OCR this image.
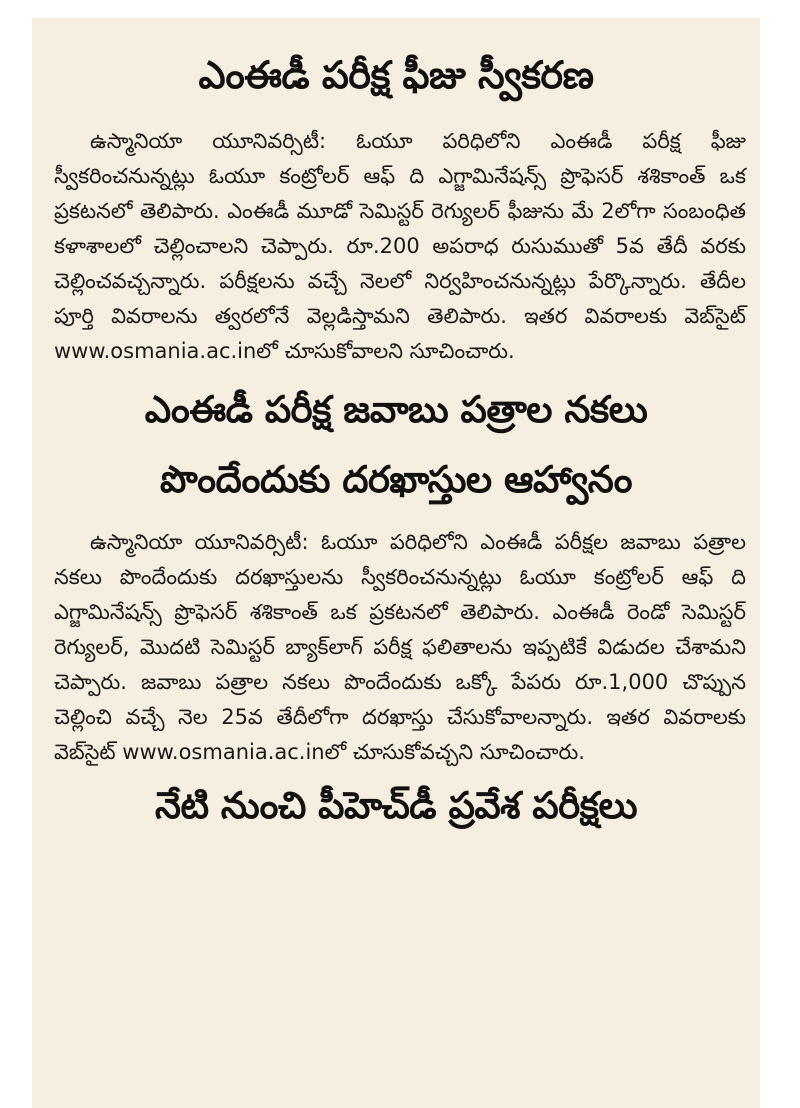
ఎంఈడీ పరీక్ష ఫీజు స్వీకరణ

ఉస్మానియా యూనివర్సిటీ: ఓయూ పరిధిలోని ఎంఈడీ పరీక్ష ఫీజు స్వీకరించనున్నట్లు ఓయూ కంట్రోలర్ ఆఫ్ ది ఎగ్జామినేషన్స్ ప్రొఫెసర్ శశికాంత్ ఒక ప్రకటనలో తెలిపారు. ఎంఈడీ మూడో సెమిస్టర్ రెగ్యులర్ ఫీజును మే 2లోగా సంబంధిత కళాశాలలో చెల్లించాలని చెప్పారు. రూ.200 అపరాధ రుసుముతో 5వ తేదీ వరకు చెల్లించవచ్చన్నారు. పరీక్షలను వచ్చే నెలలో నిర్వహించనున్నట్లు పేర్కొన్నారు. తేదీల పూర్తి వివరాలను త్వరలోనే వెల్లడిస్తామని తెలిపారు. ఇతర వివరాలకు వెబ్‌సైట్ www.osmania.ac.inలో చూసుకోవాలని సూచించారు.

ఎంఈడీ పరీక్ష జవాబు పత్రాల నకలు
పొందేందుకు దరఖాస్తుల ఆహ్వానం

ఉస్మానియా యూనివర్సిటీ: ఓయూ పరిధిలోని ఎంఈడీ పరీక్షల జవాబు పత్రాల నకలు పొందేందుకు దరఖాస్తులను స్వీకరించనున్నట్లు ఓయూ కంట్రోలర్ ఆఫ్ ది ఎగ్జామినేషన్స్ ప్రొఫెసర్ శశికాంత్ ఒక ప్రకటనలో తెలిపారు. ఎంఈడీ రెండో సెమిస్టర్ రెగ్యులర్, మొదటి సెమిస్టర్ బ్యాక్‌లాగ్ పరీక్ష ఫలితాలను ఇప్పటికే విడుదల చేశామని చెప్పారు. జవాబు పత్రాల నకలు పొందేందుకు ఒక్కో పేపరు రూ.1,000 చొప్పున చెల్లించి వచ్చే నెల 25వ తేదీలోగా దరఖాస్తు చేసుకోవాలన్నారు. ఇతర వివరాలకు వెబ్‌సైట్ www.osmania.ac.inలో చూసుకోవచ్చని సూచించారు.

నేటి నుంచి పీహెచ్‌డీ ప్రవేశ పరీక్షలు
